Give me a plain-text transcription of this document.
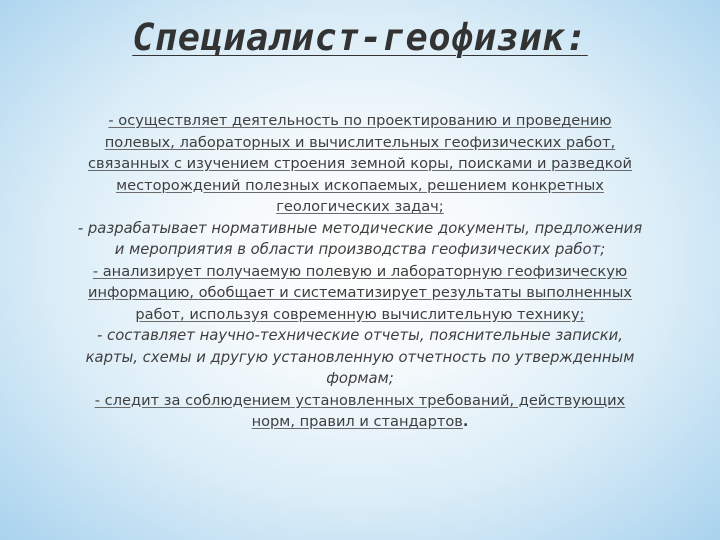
Специалист-геофизик:

- осуществляет деятельность по проектированию и проведению полевых, лабораторных и вычислительных геофизических работ, связанных с изучением строения земной коры, поисками и разведкой месторождений полезных ископаемых, решением конкретных геологических задач;

- разрабатывает нормативные методические документы, предложения и мероприятия в области производства геофизических работ;

- анализирует получаемую полевую и лабораторную геофизическую информацию, обобщает и систематизирует результаты выполненных работ, используя современную вычислительную технику;

- составляет научно-технические отчеты, пояснительные записки, карты, схемы и другую установленную отчетность по утвержденным формам;

- следит за соблюдением установленных требований, действующих норм, правил и стандартов.
